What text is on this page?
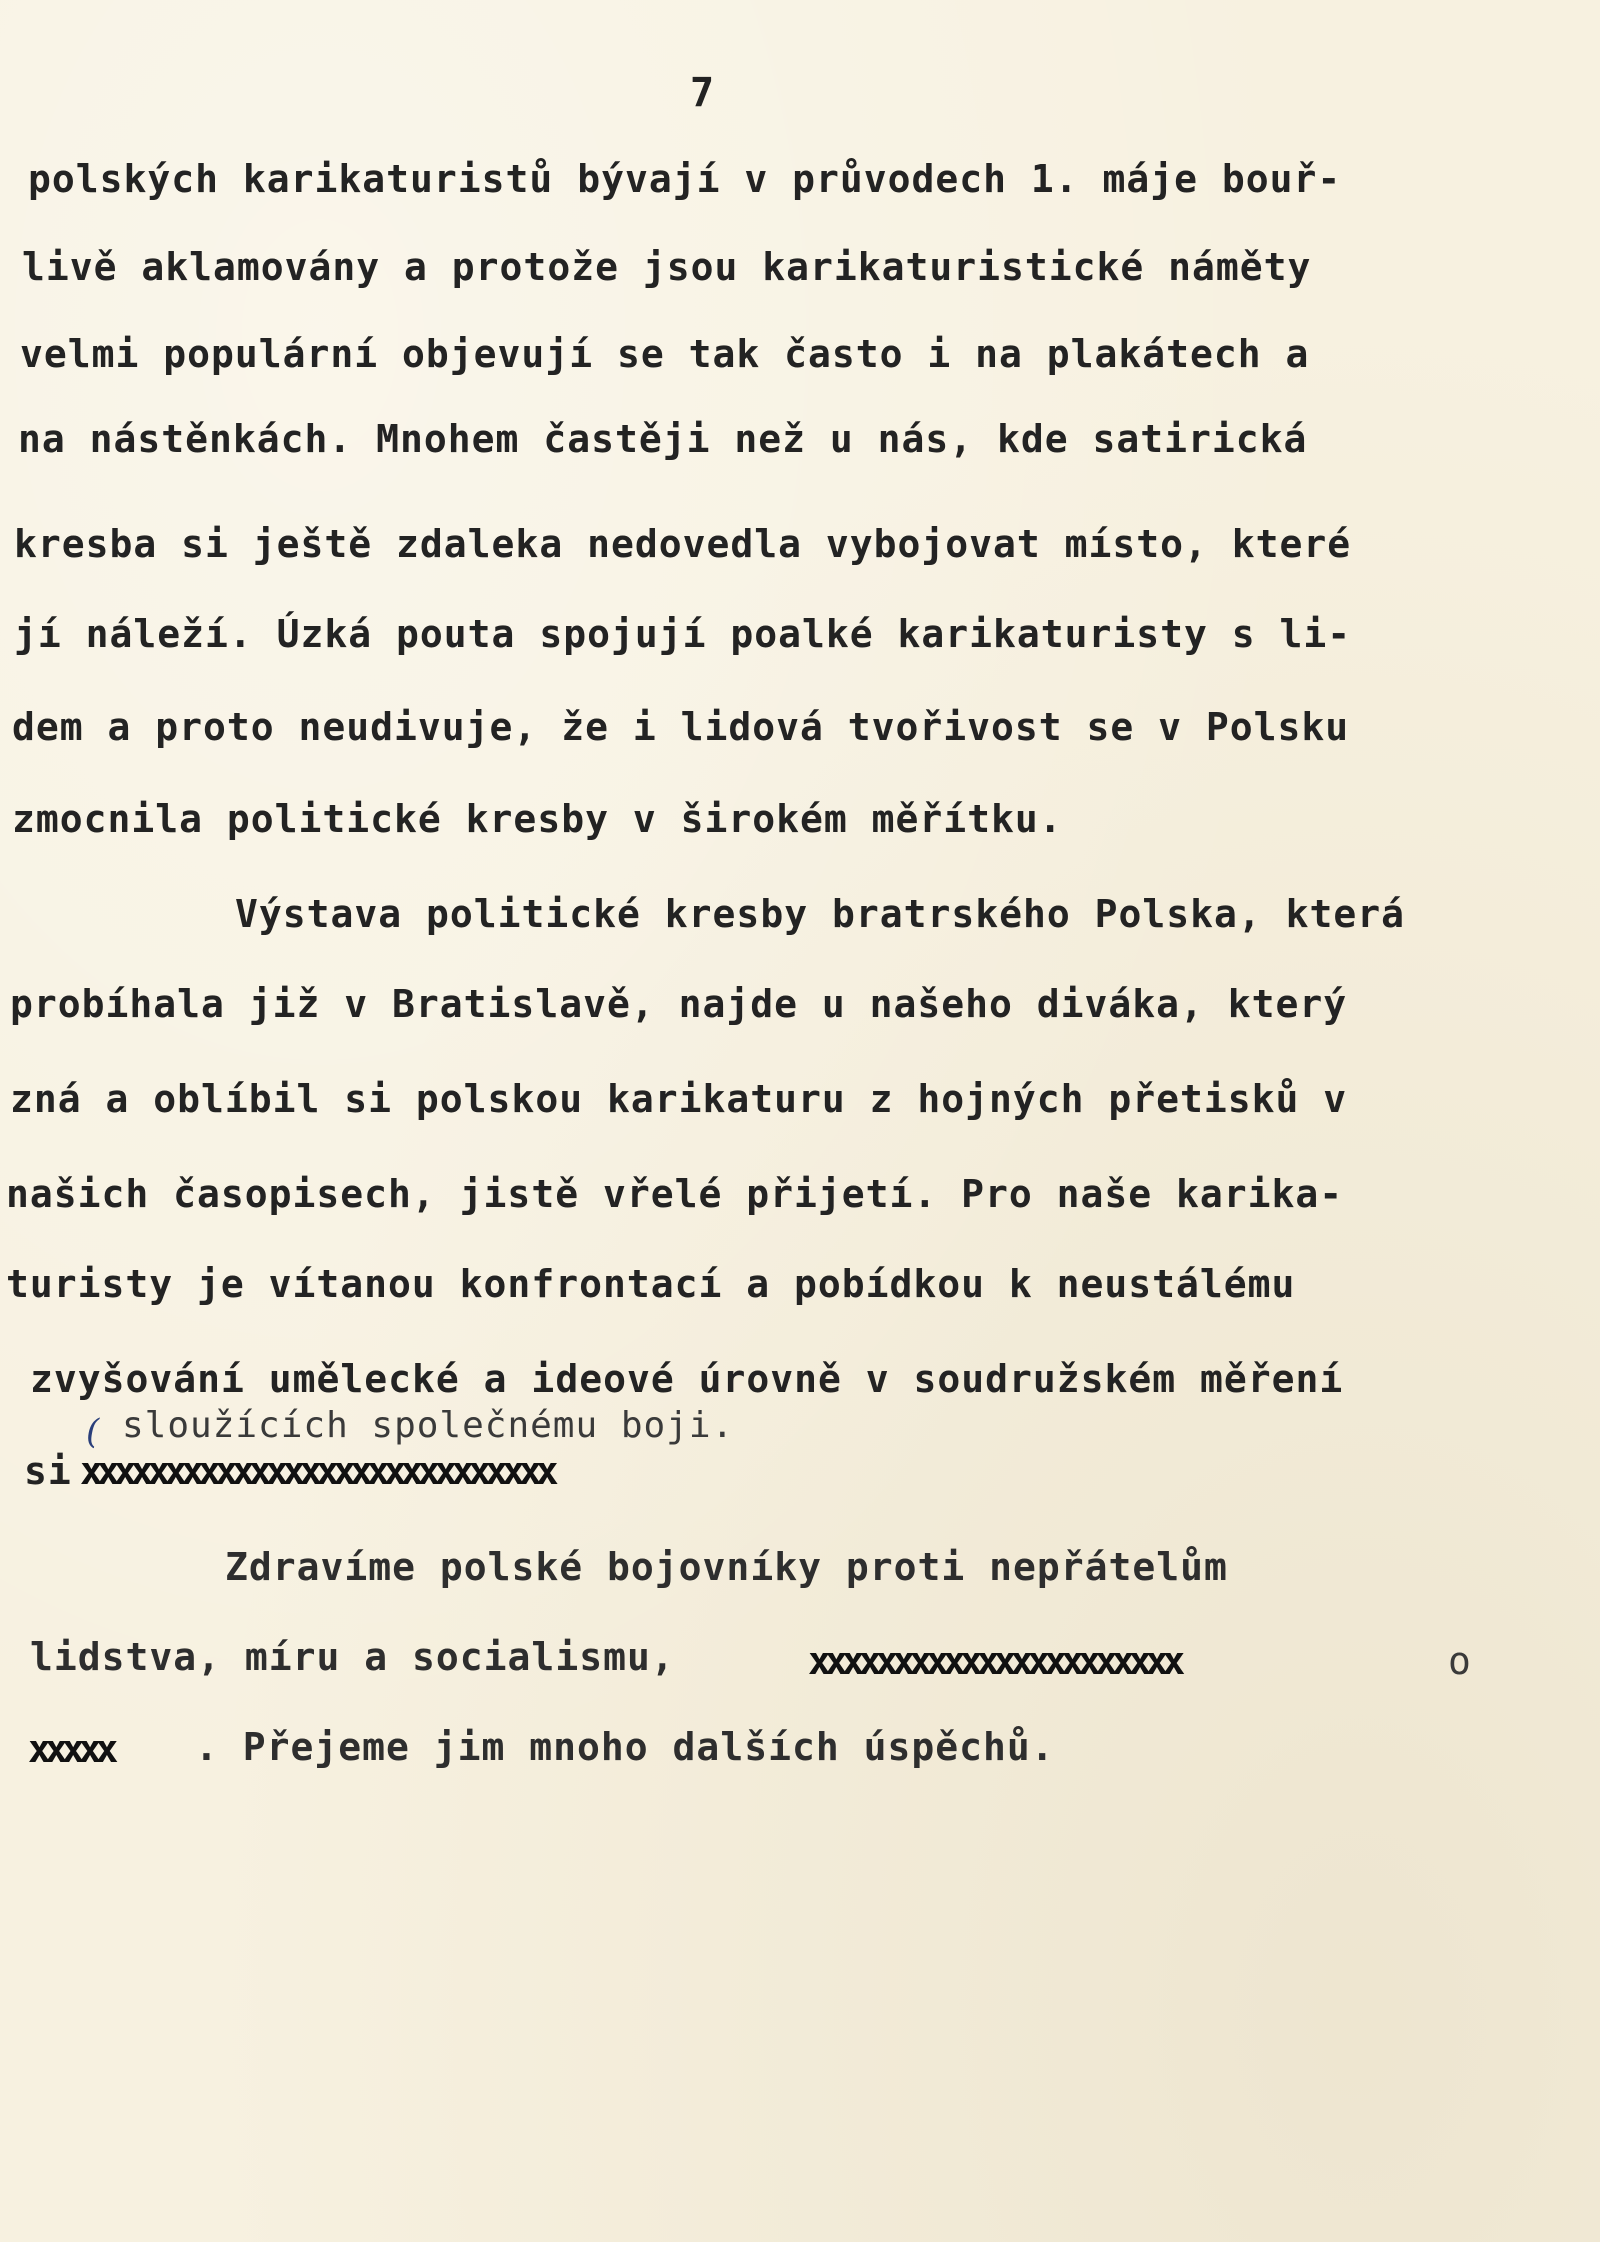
7
polských karikaturistů bývají v průvodech 1. máje bouř-
livě aklamovány a protože jsou karikaturistické náměty
velmi populární objevují se tak často i na plakátech a
na nástěnkách. Mnohem častěji než u nás, kde satirická
kresba si ještě zdaleka nedovedla vybojovat místo, které
jí náleží. Úzká pouta spojují poalké karikaturisty s li-
dem a proto neudivuje, že i lidová tvořivost se v Polsku
zmocnila politické kresby v širokém měřítku.
Výstava politické kresby bratrského Polska, která
probíhala již v Bratislavě, najde u našeho diváka, který
zná a oblíbil si polskou karikaturu z hojných přetisků v
našich časopisech, jistě vřelé přijetí. Pro naše karika-
turisty je vítanou konfrontací a pobídkou k neustálému
zvyšování umělecké a ideové úrovně v soudružském měření
sloužících společnému boji.
(
si xxxxxxxxxxxxxxxxxxxxxxxxxxxx
Zdravíme polské bojovníky proti nepřátelům
lidstva, míru a socialismu,	xxxxxxxxxxxxxxxxxxxxxx	o
xxxxx . Přejeme jim mnoho dalších úspěchů.
